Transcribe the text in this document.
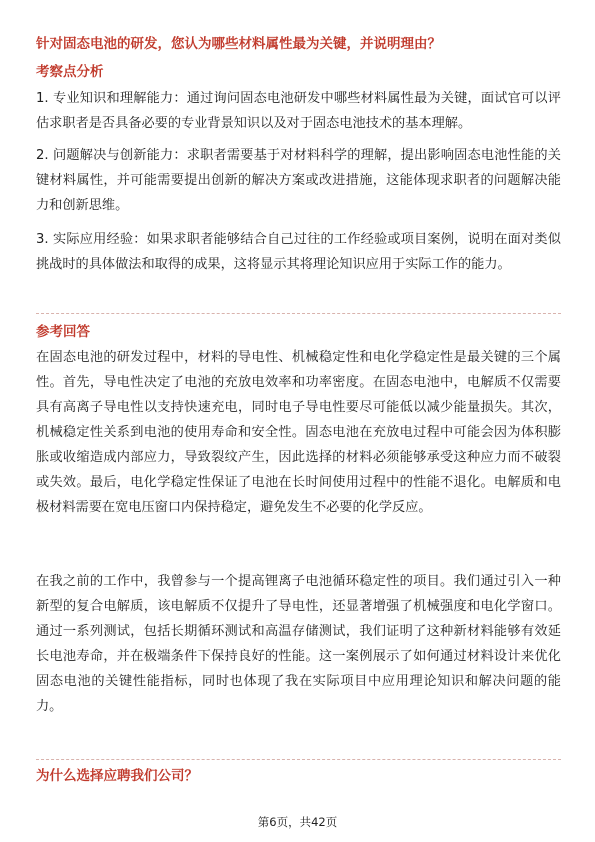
针对固态电池的研发，您认为哪些材料属性最为关键，并说明理由？
考察点分析
1. 专业知识和理解能力：通过询问固态电池研发中哪些材料属性最为关键，面试官可以评估求职者是否具备必要的专业背景知识以及对于固态电池技术的基本理解。
2. 问题解决与创新能力：求职者需要基于对材料科学的理解，提出影响固态电池性能的关键材料属性，并可能需要提出创新的解决方案或改进措施，这能体现求职者的问题解决能力和创新思维。
3. 实际应用经验：如果求职者能够结合自己过往的工作经验或项目案例，说明在面对类似挑战时的具体做法和取得的成果，这将显示其将理论知识应用于实际工作的能力。
参考回答
在固态电池的研发过程中，材料的导电性、机械稳定性和电化学稳定性是最关键的三个属性。首先，导电性决定了电池的充放电效率和功率密度。在固态电池中，电解质不仅需要具有高离子导电性以支持快速充电，同时电子导电性要尽可能低以减少能量损失。其次，机械稳定性关系到电池的使用寿命和安全性。固态电池在充放电过程中可能会因为体积膨胀或收缩造成内部应力，导致裂纹产生，因此选择的材料必须能够承受这种应力而不破裂或失效。最后，电化学稳定性保证了电池在长时间使用过程中的性能不退化。电解质和电极材料需要在宽电压窗口内保持稳定，避免发生不必要的化学反应。
在我之前的工作中，我曾参与一个提高锂离子电池循环稳定性的项目。我们通过引入一种新型的复合电解质，该电解质不仅提升了导电性，还显著增强了机械强度和电化学窗口。通过一系列测试，包括长期循环测试和高温存储测试，我们证明了这种新材料能够有效延长电池寿命，并在极端条件下保持良好的性能。这一案例展示了如何通过材料设计来优化固态电池的关键性能指标，同时也体现了我在实际项目中应用理论知识和解决问题的能力。
为什么选择应聘我们公司？
第6页，共42页
